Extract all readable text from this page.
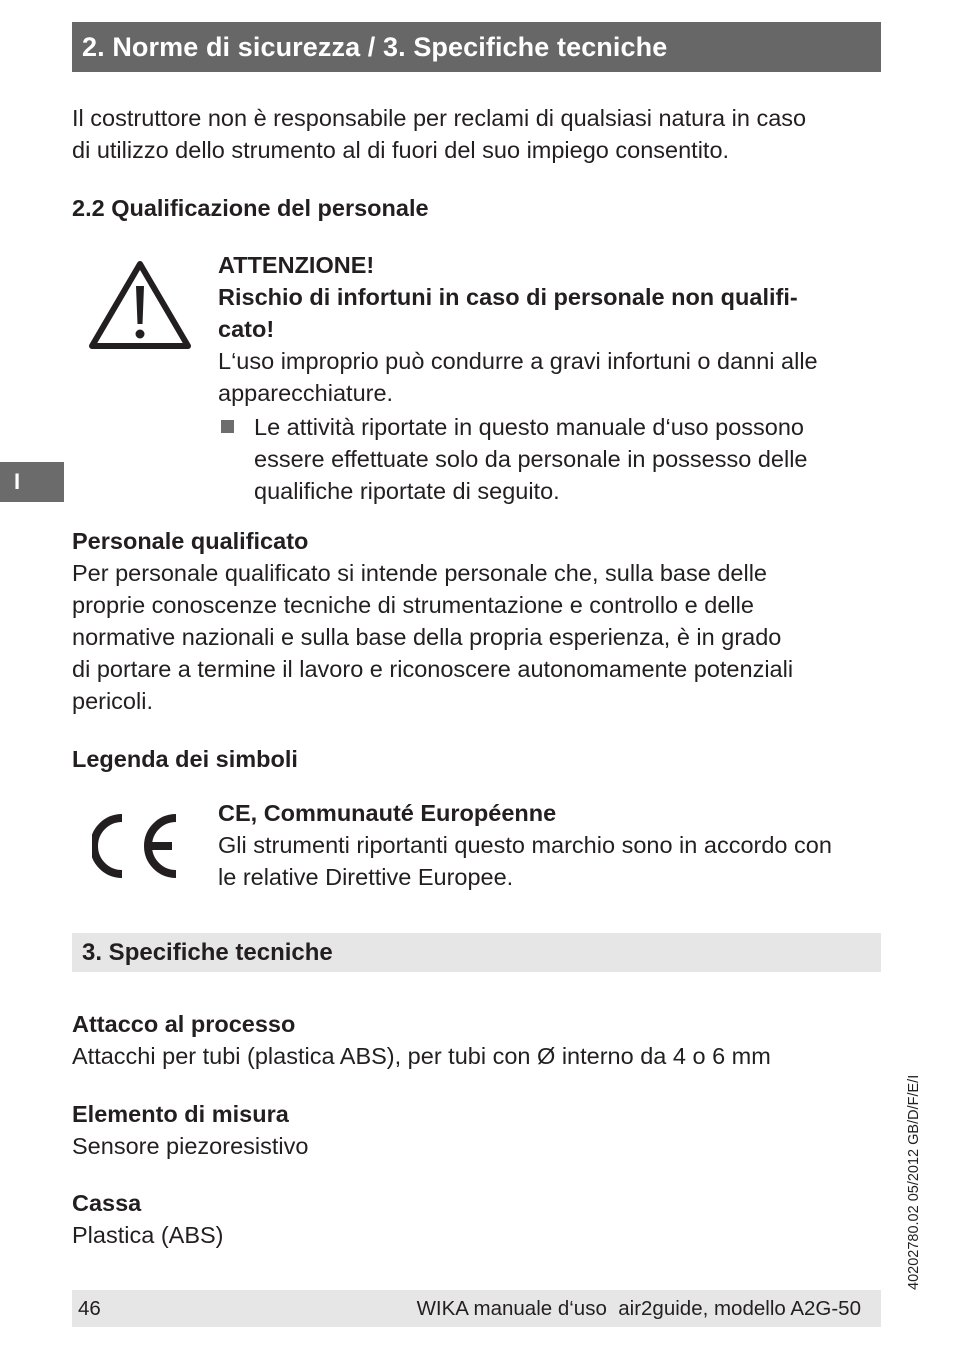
2. Norme di sicurezza / 3. Specifiche tecniche

Il costruttore non è responsabile per reclami di qualsiasi natura in caso
di utilizzo dello strumento al di fuori del suo impiego consentito.

2.2 Qualificazione del personale
ATTENZIONE!
Rischio di infortuni in caso di personale non qualifi-
cato!
L‘uso improprio può condurre a gravi infortuni o danni alle
apparecchiature.
Le attività riportate in questo manuale d‘uso possono
essere effettuate solo da personale in possesso delle
qualifiche riportate di seguito.
I
Personale qualificato

Per personale qualificato si intende personale che, sulla base delle
proprie conoscenze tecniche di strumentazione e controllo e delle
normative nazionali e sulla base della propria esperienza, è in grado
di portare a termine il lavoro e riconoscere autonomamente potenziali
pericoli.

Legenda dei simboli
CE, Communauté Européenne
Gli strumenti riportanti questo marchio sono in accordo con
le relative Direttive Europee.
3. Specifiche tecniche
Attacco al processo

Attacchi per tubi (plastica ABS), per tubi con Ø interno da 4 o 6 mm

Elemento di misura

Sensore piezoresistivo

Cassa

Plastica (ABS)	40202780.02 05/2012 GB/D/F/E/I
46	WIKA manuale d‘uso  air2guide, modello A2G-50
